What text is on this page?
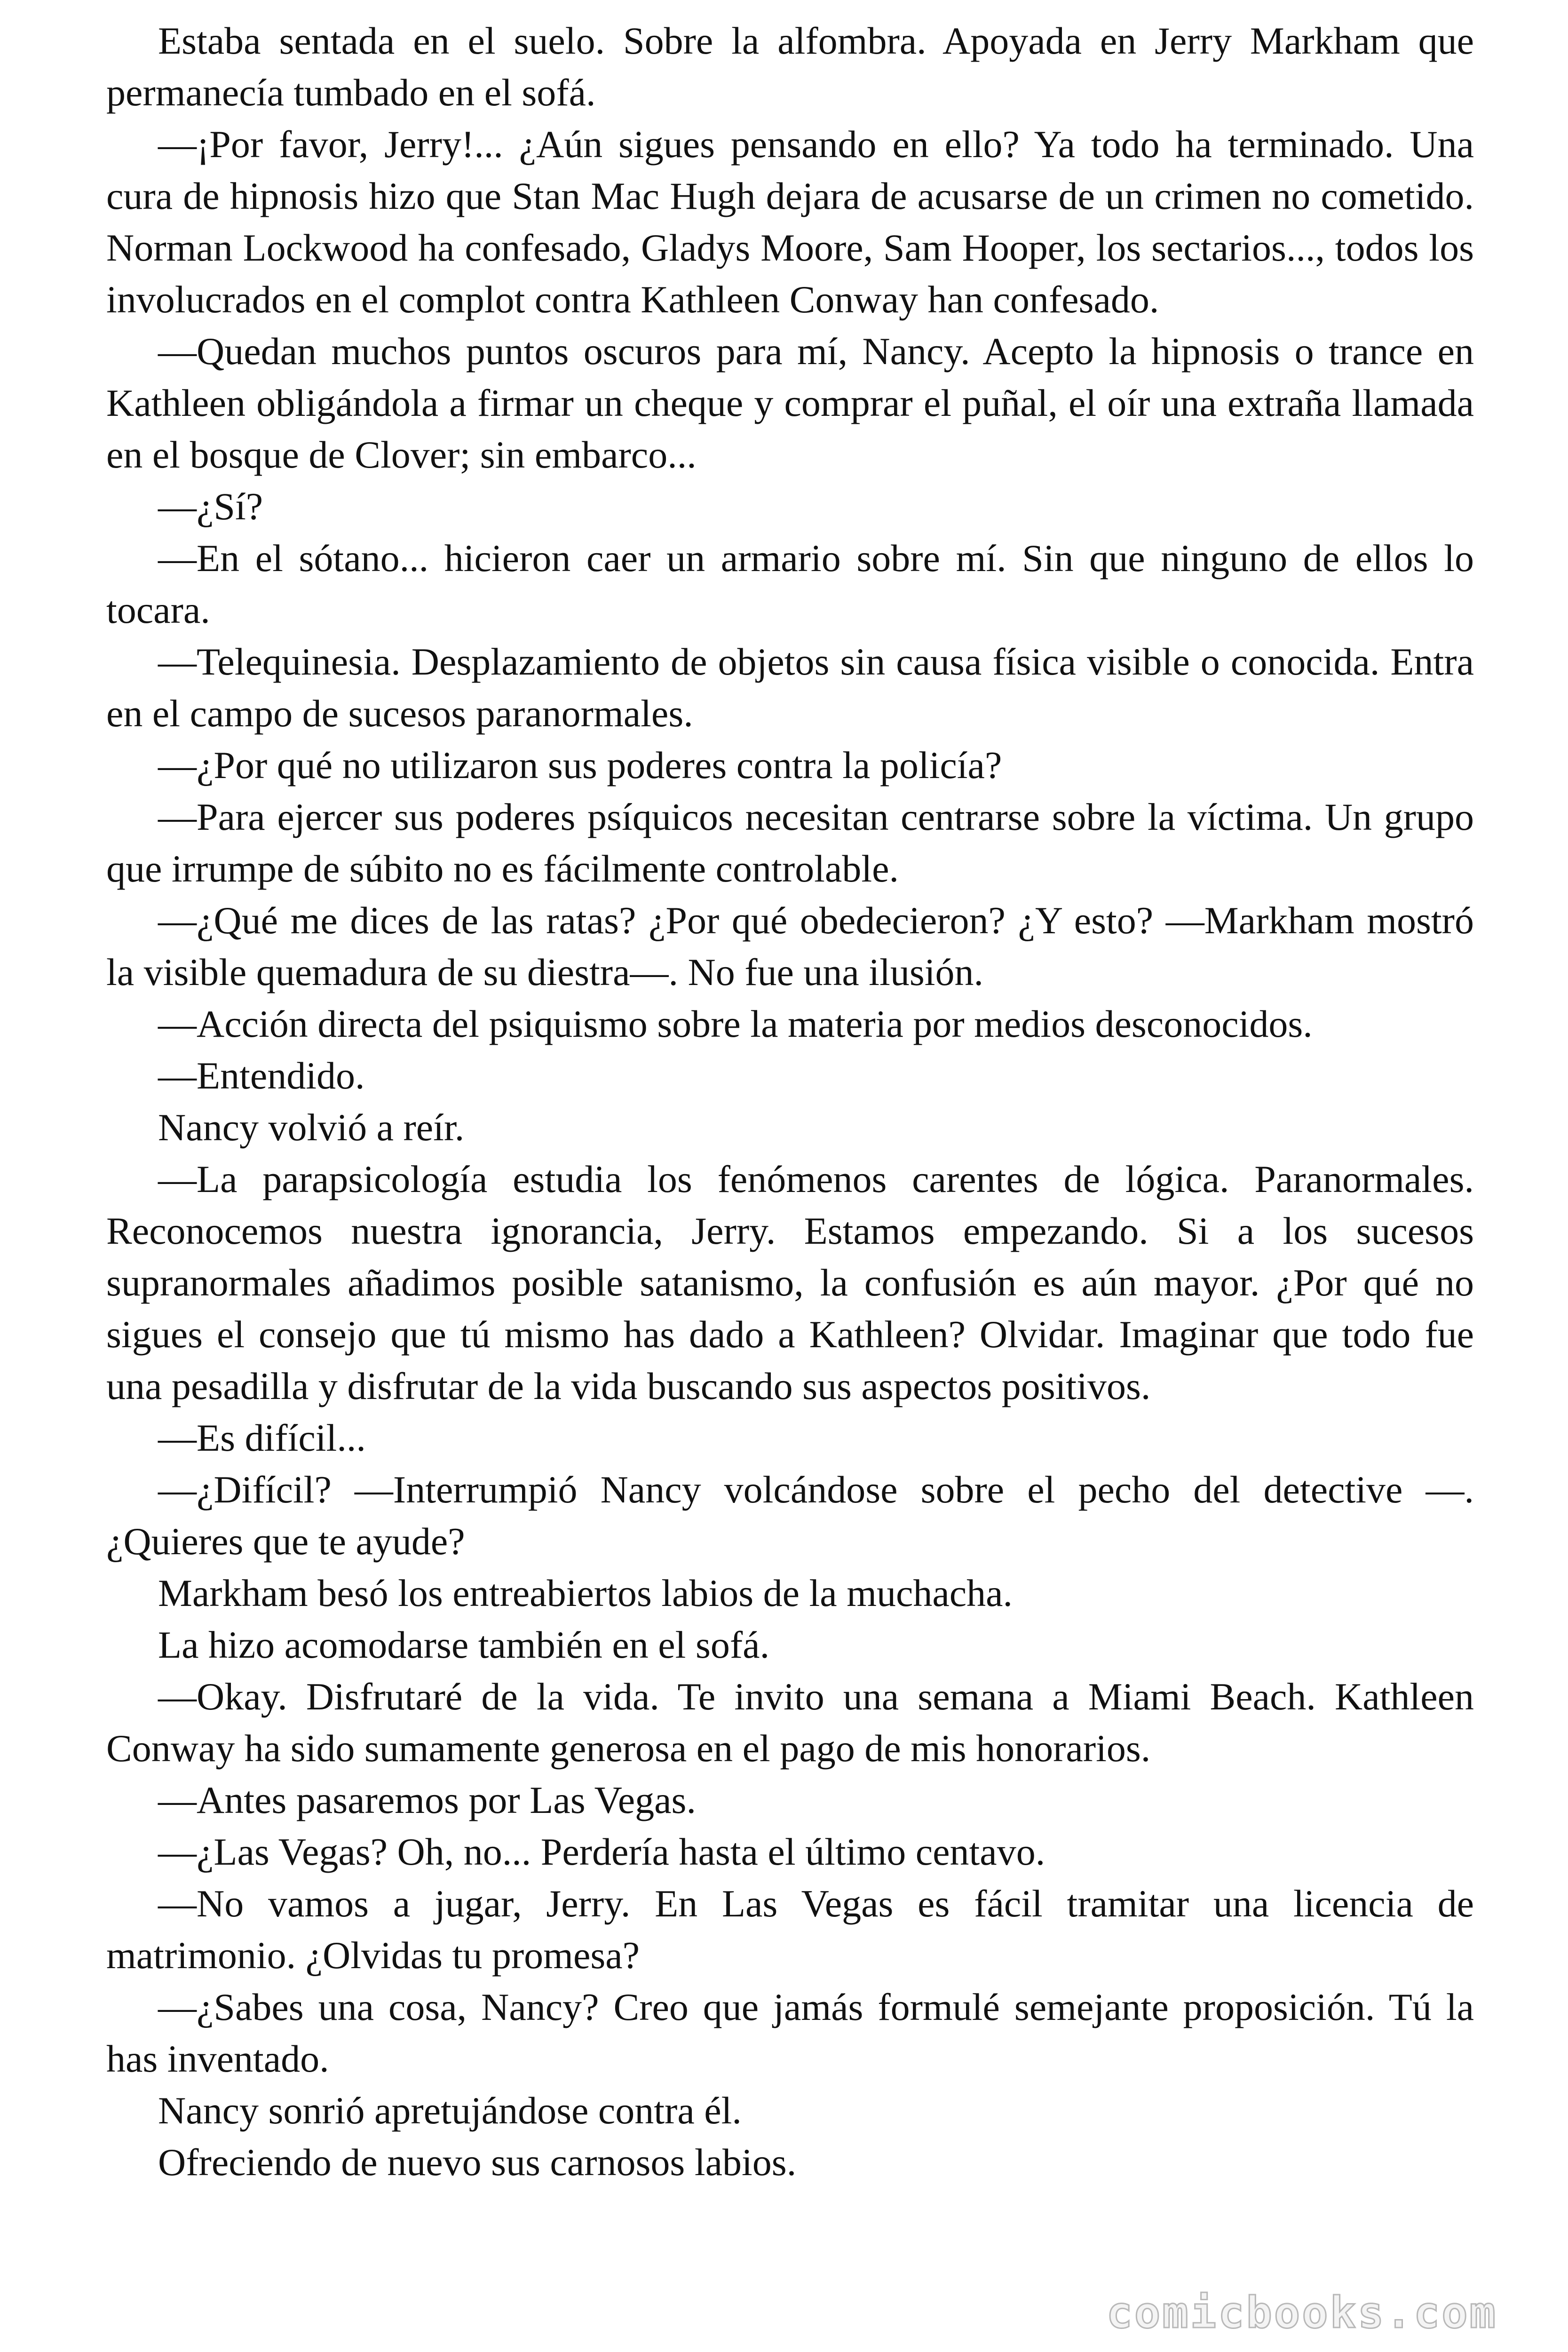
Estaba sentada en el suelo. Sobre la alfombra. Apoyada en Jerry Markham que permanecía tumbado en el sofá.

—¡Por favor, Jerry!... ¿Aún sigues pensando en ello? Ya todo ha terminado. Una cura de hipnosis hizo que Stan Mac Hugh dejara de acusarse de un crimen no cometido. Norman Lockwood ha confesado, Gladys Moore, Sam Hooper, los sectarios..., todos los involucrados en el complot contra Kathleen Conway han confesado.

—Quedan muchos puntos oscuros para mí, Nancy. Acepto la hipnosis o trance en Kathleen obligándola a firmar un cheque y comprar el puñal, el oír una extraña llamada en el bosque de Clover; sin embarco...

—¿Sí?

—En el sótano... hicieron caer un armario sobre mí. Sin que ninguno de ellos lo tocara.

—Telequinesia. Desplazamiento de objetos sin causa física visible o conocida. Entra en el campo de sucesos paranormales.

—¿Por qué no utilizaron sus poderes contra la policía?

—Para ejercer sus poderes psíquicos necesitan centrarse sobre la víctima. Un grupo que irrumpe de súbito no es fácilmente controlable.

—¿Qué me dices de las ratas? ¿Por qué obedecieron? ¿Y esto? —Markham mostró la visible quemadura de su diestra—. No fue una ilusión.

—Acción directa del psiquismo sobre la materia por medios desconocidos.

—Entendido.

Nancy volvió a reír.

—La parapsicología estudia los fenómenos carentes de lógica. Paranormales. Reconocemos nuestra ignorancia, Jerry. Estamos empezando. Si a los sucesos supranormales añadimos posible satanismo, la confusión es aún mayor. ¿Por qué no sigues el consejo que tú mismo has dado a Kathleen? Olvidar. Imaginar que todo fue una pesadilla y disfrutar de la vida buscando sus aspectos positivos.

—Es difícil...

—¿Difícil? —Interrumpió Nancy volcándose sobre el pecho del detective —. ¿Quieres que te ayude?

Markham besó los entreabiertos labios de la muchacha.

La hizo acomodarse también en el sofá.

—Okay. Disfrutaré de la vida. Te invito una semana a Miami Beach. Kathleen Conway ha sido sumamente generosa en el pago de mis honorarios.

—Antes pasaremos por Las Vegas.

—¿Las Vegas? Oh, no... Perdería hasta el último centavo.

—No vamos a jugar, Jerry. En Las Vegas es fácil tramitar una licencia de matrimonio. ¿Olvidas tu promesa?

—¿Sabes una cosa, Nancy? Creo que jamás formulé semejante proposición. Tú la has inventado.

Nancy sonrió apretujándose contra él.

Ofreciendo de nuevo sus carnosos labios.

comicbooks.com
